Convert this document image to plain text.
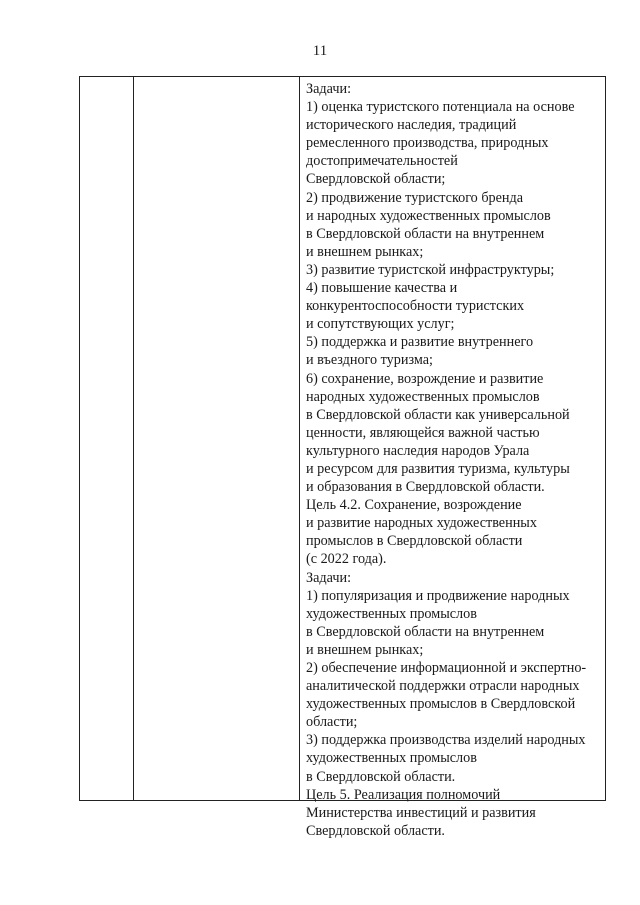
11
Задачи:
1) оценка туристского потенциала на основе
исторического наследия, традиций
ремесленного производства, природных
достопримечательностей
Свердловской области;
2) продвижение туристского бренда
и народных художественных промыслов
в Свердловской области на внутреннем
и внешнем рынках;
3) развитие туристской инфраструктуры;
4) повышение качества и
конкурентоспособности туристских
и сопутствующих услуг;
5) поддержка и развитие внутреннего
и въездного туризма;
6) сохранение, возрождение и развитие
народных художественных промыслов
в Свердловской области как универсальной
ценности, являющейся важной частью
культурного наследия народов Урала
и ресурсом для развития туризма, культуры
и образования в Свердловской области.
Цель 4.2. Сохранение, возрождение
и развитие народных художественных
промыслов в Свердловской области
(с 2022 года).
Задачи:
1) популяризация и продвижение народных
художественных промыслов
в Свердловской области на внутреннем
и внешнем рынках;
2) обеспечение информационной и экспертно-
аналитической поддержки отрасли народных
художественных промыслов в Свердловской
области;
3) поддержка производства изделий народных
художественных промыслов
в Свердловской области.
Цель 5. Реализация полномочий
Министерства инвестиций и развития
Свердловской области.
